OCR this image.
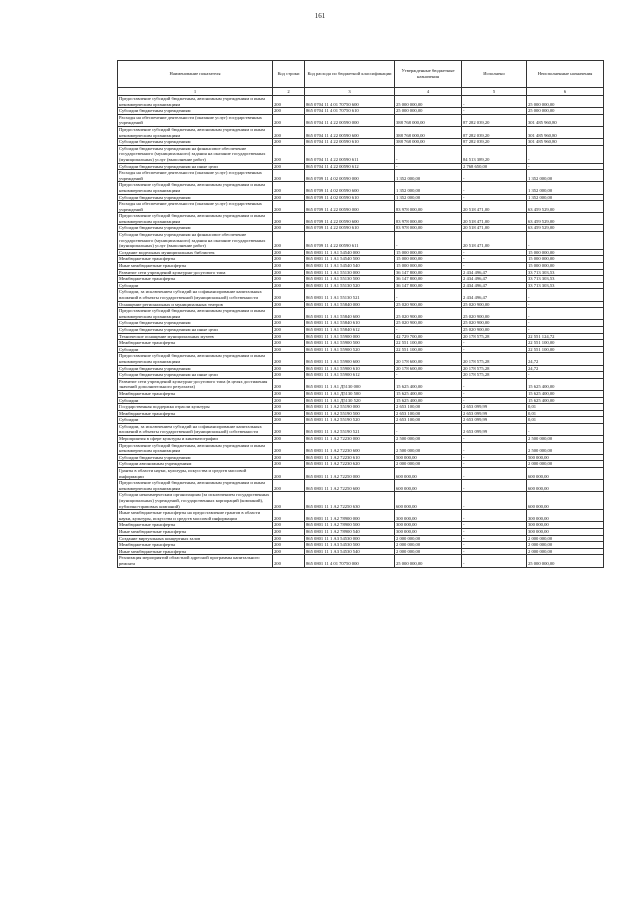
161
Наименование показателя	Код строки	Код расхода по бюджетной классификации	Утвержденные бюджетные назначения	Исполнено	Неисполненные назначения
1	2	3	4	5	6
Предоставление субсидий бюджетным, автономным учреждениям и иным некоммерческим организациям	200	865 0704 11 4 01 70750 600	25 000 000,00	-	25 000 000,00
Субсидии бюджетным учреждениям	200	865 0704 11 4 01 70750 610	25 000 000,00	-	25 000 000,00
Расходы на обеспечение деятельности (оказание услуг) государственных учреждений	200	865 0704 11 4 22 00590 000	388 768 000,00	87 282 039,20	301 485 960,80
Предоставление субсидий бюджетным, автономным учреждениям и иным некоммерческим организациям	200	865 0704 11 4 22 00590 600	388 768 000,00	87 282 039,20	301 485 960,80
Субсидии бюджетным учреждениям	200	865 0704 11 4 22 00590 610	388 768 000,00	87 282 039,20	301 485 960,80
Субсидии бюджетным учреждениям на финансовое обеспечение государственного (муниципального) задания на оказание государственных (муниципальных) услуг (выполнение работ)	200	865 0704 11 4 22 00590 611	-	84 513 389,20	-
Субсидии бюджетным учреждениям на иные цели	200	865 0704 11 4 22 00590 612	-	2 768 650,00	-
Расходы на обеспечение деятельности (оказание услуг) государственных учреждений	200	865 0709 11 4 02 00590 000	1 352 000,00	-	1 352 000,00
Предоставление субсидий бюджетным, автономным учреждениям и иным некоммерческим организациям	200	865 0709 11 4 02 00590 600	1 352 000,00	-	1 352 000,00
Субсидии бюджетным учреждениям	200	865 0709 11 4 02 00590 610	1 352 000,00	-	1 352 000,00
Расходы на обеспечение деятельности (оказание услуг) государственных учреждений	200	865 0709 11 4 22 00590 000	83 978 000,00	20 518 471,00	63 459 529,00
Предоставление субсидий бюджетным, автономным учреждениям и иным некоммерческим организациям	200	865 0709 11 4 22 00590 600	83 978 000,00	20 518 471,00	63 459 529,00
Субсидии бюджетным учреждениям	200	865 0709 11 4 22 00590 610	83 978 000,00	20 518 471,00	63 459 529,00
Субсидии бюджетным учреждениям на финансовое обеспечение государственного (муниципального) задания на оказание государственных (муниципальных) услуг (выполнение работ)	200	865 0709 11 4 22 00590 611	-	20 518 471,00	-
Создание модельных муниципальных библиотек	200	865 0801 11 1 А1 54540 000	15 000 000,00	-	15 000 000,00
Межбюджетные трансферты	200	865 0801 11 1 А1 54540 500	15 000 000,00	-	15 000 000,00
Иные межбюджетные трансферты	200	865 0801 11 1 А1 54540 540	15 000 000,00	-	15 000 000,00
Развитие сети учреждений культурно-досугового типа	200	865 0801 11 1 А1 55130 000	36 147 800,00	2 434 496,47	33 713 303,53
Межбюджетные трансферты	200	865 0801 11 1 А1 55130 500	36 147 800,00	2 434 496,47	33 713 303,53
Субсидии	200	865 0801 11 1 А1 55130 520	36 147 800,00	2 434 496,47	33 713 303,53
Субсидии, за исключением субсидий на софинансирование капитальных вложений в объекты государственной (муниципальной) собственности	200	865 0801 11 1 А1 55130 521	-	2 434 496,47	-
Оснащение региональных и муниципальных театров	200	865 0801 11 1 А1 55840 000	25 020 900,00	25 020 900,00	-
Предоставление субсидий бюджетным, автономным учреждениям и иным некоммерческим организациям	200	865 0801 11 1 А1 55840 600	25 020 900,00	25 020 900,00	-
Субсидии бюджетным учреждениям	200	865 0801 11 1 А1 55840 610	25 020 900,00	25 020 900,00	-
Субсидии бюджетным учреждениям на иные цели	200	865 0801 11 1 А1 55840 612	-	25 020 900,00	-
Техническое оснащение муниципальных музеев	200	865 0801 11 1 А1 55900 000	42 729 700,00	20 178 575,28	22 551 124,72
Межбюджетные трансферты	200	865 0801 11 1 А1 55900 500	22 551 100,00	-	22 551 100,00
Субсидии	200	865 0801 11 1 А1 55900 520	22 551 100,00	-	22 551 100,00
Предоставление субсидий бюджетным, автономным учреждениям и иным некоммерческим организациям	200	865 0801 11 1 А1 55900 600	20 178 600,00	20 178 575,28	24,72
Субсидии бюджетным учреждениям	200	865 0801 11 1 А1 55900 610	20 178 600,00	20 178 575,28	24,72
Субсидии бюджетным учреждениям на иные цели	200	865 0801 11 1 А1 55900 612	-	20 178 575,28	-
Развитие сети учреждений культурно-досугового типа (в целях достижения значений дополнительного результата)	200	865 0801 11 1 А1 Д5130 000	15 625 400,00	-	15 625 400,00
Межбюджетные трансферты	200	865 0801 11 1 А1 Д5130 500	15 625 400,00	-	15 625 400,00
Субсидии	200	865 0801 11 1 А1 Д5130 520	15 625 400,00	-	15 625 400,00
Государственная поддержка отрасли культуры	200	865 0801 11 1 А2 55190 000	2 653 100,00	2 653 099,99	0,01
Межбюджетные трансферты	200	865 0801 11 1 А2 55190 500	2 653 100,00	2 653 099,99	0,01
Субсидии	200	865 0801 11 1 А2 55190 520	2 653 100,00	2 653 099,99	0,01
Субсидии, за исключением субсидий на софинансирование капитальных вложений в объекты государственной (муниципальной) собственности	200	865 0801 11 1 А2 55190 521	-	2 653 099,99	-
Мероприятия в сфере культуры и кинематографии	200	865 0801 11 1 А2 72230 000	2 500 000,00	-	2 500 000,00
Предоставление субсидий бюджетным, автономным учреждениям и иным некоммерческим организациям	200	865 0801 11 1 А2 72230 600	2 500 000,00	-	2 500 000,00
Субсидии бюджетным учреждениям	200	865 0801 11 1 А2 72230 610	500 000,00	-	500 000,00
Субсидии автономным учреждениям	200	865 0801 11 1 А2 72230 620	2 000 000,00	-	2 000 000,00
Гранты в области науки, культуры, искусства и средств массовой информации	200	865 0801 11 1 А2 72250 000	600 000,00	-	600 000,00
Предоставление субсидий бюджетным, автономным учреждениям и иным некоммерческим организациям	200	865 0801 11 1 А2 72250 600	600 000,00	-	600 000,00
Субсидии некоммерческим организациям (за исключением государственных (муниципальных) учреждений, государственных корпораций (компаний), публично-правовых компаний)	200	865 0801 11 1 А2 72250 630	600 000,00	-	600 000,00
Иные межбюджетные трансферты на предоставление грантов в области науки, культуры, искусства и средств массовой информации	200	865 0801 11 1 А2 78900 000	300 000,00	-	300 000,00
Межбюджетные трансферты	200	865 0801 11 1 А2 78900 500	300 000,00	-	300 000,00
Иные межбюджетные трансферты	200	865 0801 11 1 А2 78900 540	300 000,00	-	300 000,00
Создание виртуальных концертных залов	200	865 0801 11 1 А3 54530 000	2 000 000,00	-	2 000 000,00
Межбюджетные трансферты	200	865 0801 11 1 А3 54530 500	2 000 000,00	-	2 000 000,00
Иные межбюджетные трансферты	200	865 0801 11 1 А3 54530 540	2 000 000,00	-	2 000 000,00
Реализация мероприятий областной адресной программы капитального ремонта	200	865 0801 11 4 01 70750 000	25 000 000,00	-	25 000 000,00
